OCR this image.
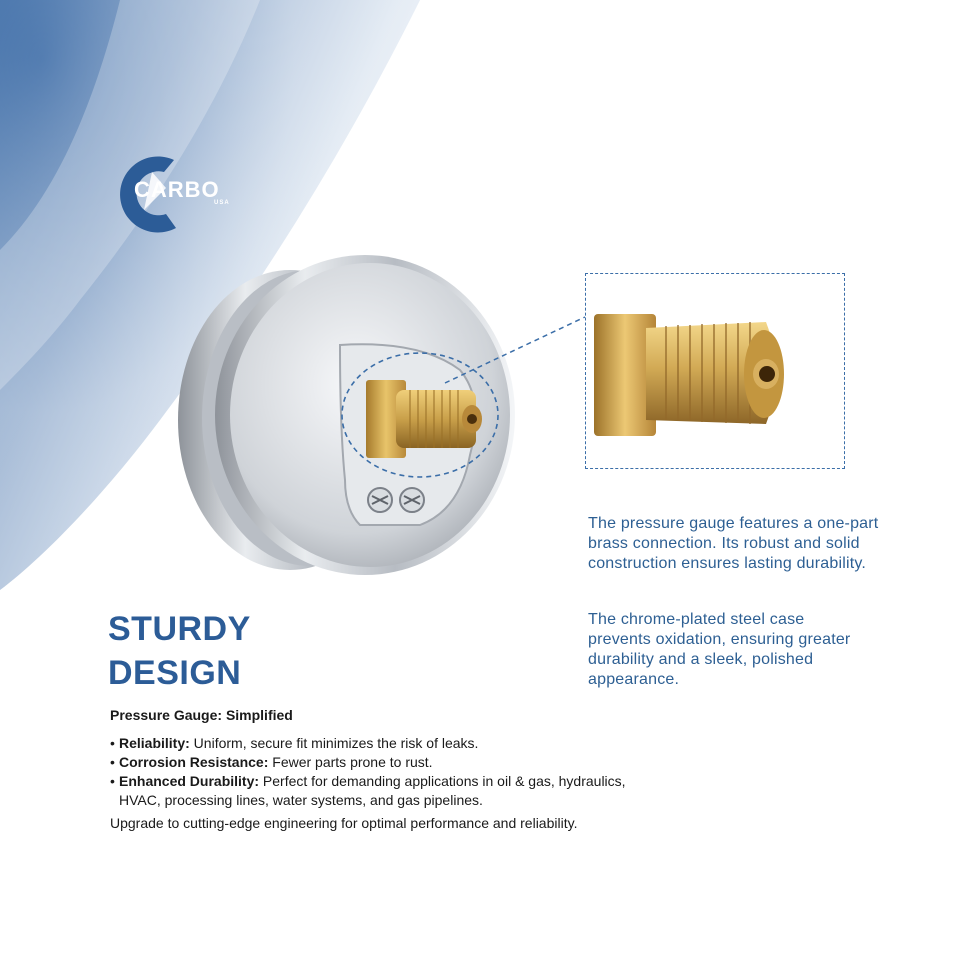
CARBO
USA

The pressure gauge features a one-part brass connection. Its robust and solid construction ensures lasting durability.

The chrome-plated steel case prevents oxidation, ensuring greater durability and a sleek, polished appearance.

STURDY
DESIGN
Pressure Gauge: Simplified
• Reliability: Uniform, secure fit minimizes the risk of leaks.
• Corrosion Resistance: Fewer parts prone to rust.
• Enhanced Durability: Perfect for demanding applications in oil & gas, hydraulics, HVAC, processing lines, water systems, and gas pipelines.
Upgrade to cutting-edge engineering for optimal performance and reliability.
